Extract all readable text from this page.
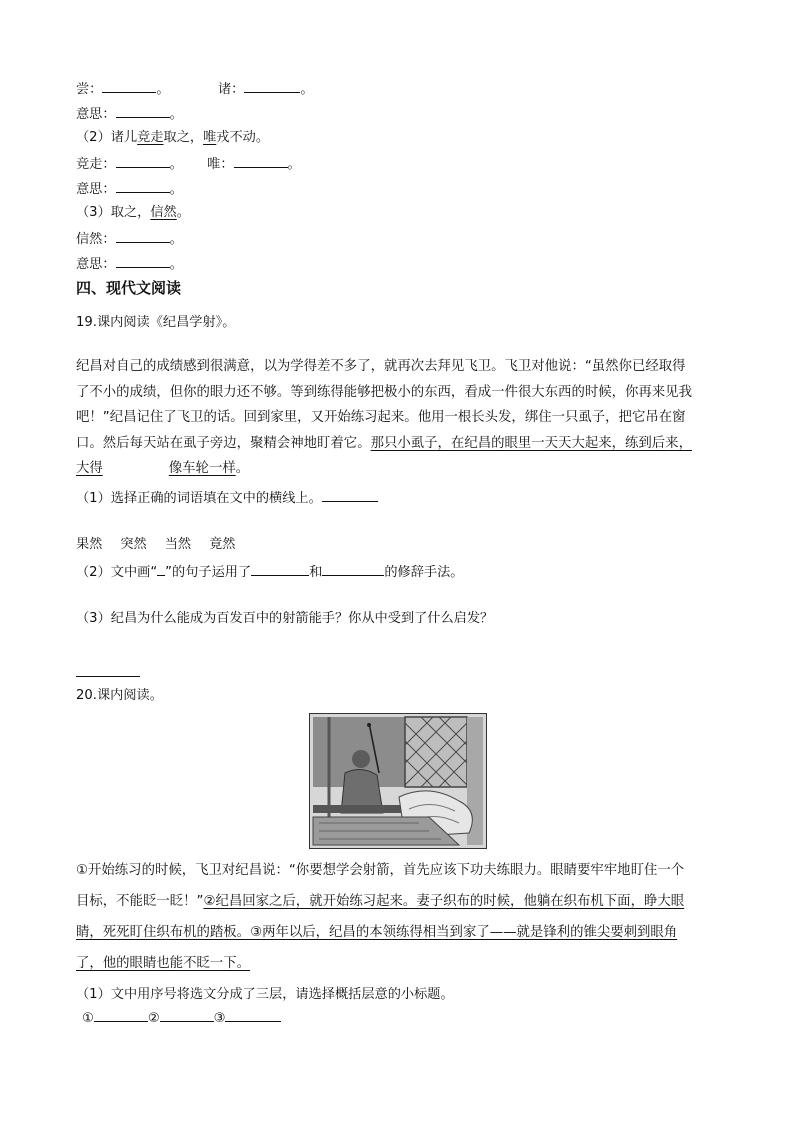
尝：	。	诸：	。
意思：	。
（2）诸儿竞走取之，唯戎不动。
竞走：	。 唯：	。
意思：	。
（3）取之，信然。
信然：	。
意思：	。
四、现代文阅读
19.课内阅读《纪昌学射》。
纪昌对自己的成绩感到很满意，以为学得差不多了，就再次去拜见飞卫。飞卫对他说：“虽然你已经取得
了不小的成绩，但你的眼力还不够。等到练得能够把极小的东西，看成一件很大东西的时候，你再来见我
吧！”纪昌记住了飞卫的话。回到家里，又开始练习起来。他用一根长头发，绑住一只虱子，把它吊在窗
口。然后每天站在虱子旁边，聚精会神地盯着它。那只小虱子，在纪昌的眼里一天天大起来，练到后来，
大得	像车轮一样。
（1）选择正确的词语填在文中的横线上。
果然 突然 当然 竟然
（2）文中画“ ”的句子运用了	和	的修辞手法。
（3）纪昌为什么能成为百发百中的射箭能手？你从中受到了什么启发？
20.课内阅读。
①开始练习的时候，飞卫对纪昌说：“你要想学会射箭，首先应该下功夫练眼力。眼睛要牢牢地盯住一个
目标，不能眨一眨！”②纪昌回家之后，就开始练习起来。妻子织布的时候，他躺在织布机下面，睁大眼
睛，死死盯住织布机的踏板。③两年以后，纪昌的本领练得相当到家了——就是锋利的锥尖要刺到眼角
了，他的眼睛也能不眨一下。
（1）文中用序号将选文分成了三层，请选择概括层意的小标题。
①	②	③
